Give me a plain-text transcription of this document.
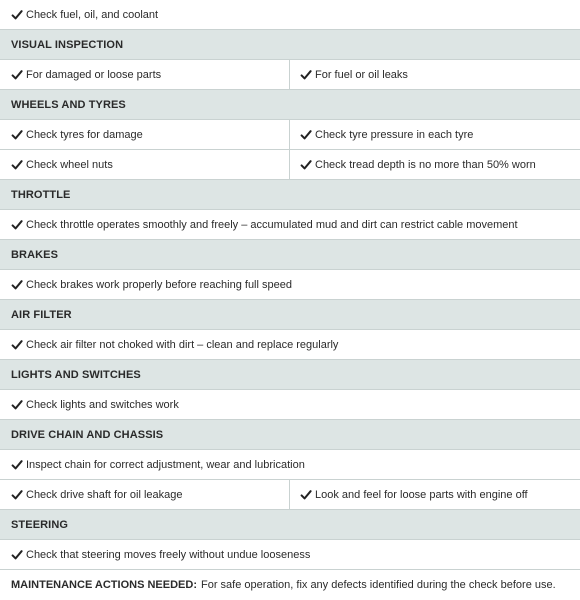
Check fuel, oil, and coolant
VISUAL INSPECTION
For damaged or loose parts	For fuel or oil leaks
WHEELS AND TYRES
Check tyres for damage	Check tyre pressure in each tyre
Check wheel nuts	Check tread depth is no more than 50% worn
THROTTLE
Check throttle operates smoothly and freely – accumulated mud and dirt can restrict cable movement
BRAKES
Check brakes work properly before reaching full speed
AIR FILTER
Check air filter not choked with dirt – clean and replace regularly
LIGHTS AND SWITCHES
Check lights and switches work
DRIVE CHAIN AND CHASSIS
Inspect chain for correct adjustment, wear and lubrication
Check drive shaft for oil leakage	Look and feel for loose parts with engine off
STEERING
Check that steering moves freely without undue looseness
MAINTENANCE ACTIONS NEEDED: For safe operation, fix any defects identified during the check before use.
